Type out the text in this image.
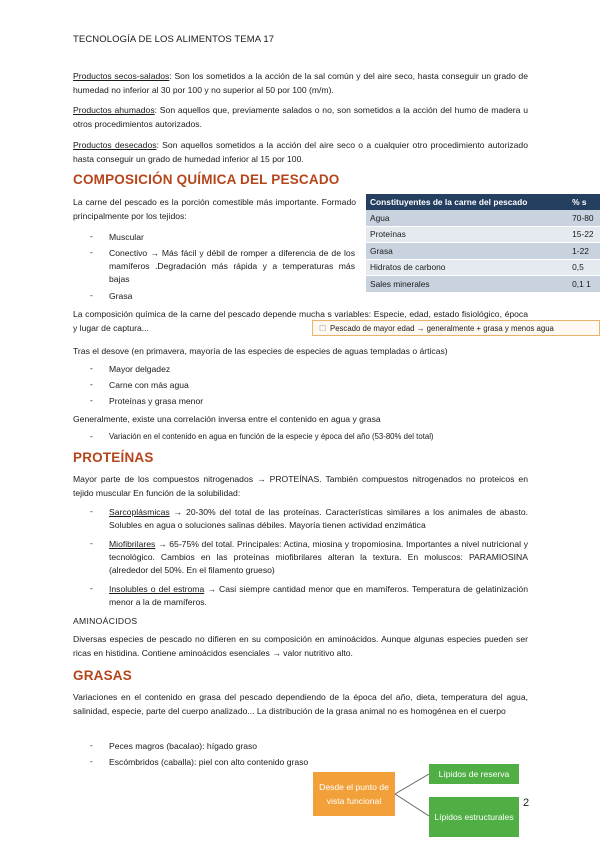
TECNOLOGÍA DE LOS ALIMENTOS TEMA 17
Productos secos-salados: Son los sometidos a la acción de la sal común y del aire seco, hasta conseguir un grado de humedad no inferior al 30 por 100 y no superior al 50 por 100 (m/m).
Productos ahumados: Son aquellos que, previamente salados o no, son sometidos a la acción del humo de madera u otros procedimientos autorizados.
Productos desecados: Son aquellos sometidos a la acción del aire seco o a cualquier otro procedimiento autorizado hasta conseguir un grado de humedad inferior al 15 por 100.
COMPOSICIÓN QUÍMICA DEL PESCADO
La carne del pescado es la porción comestible más importante. Formado principalmente por los tejidos:
- Muscular
- Conectivo → Más fácil y débil de romper a diferencia de de los mamíferos .Degradación más rápida y a temperaturas más bajas
- Grasa
Constituyentes de la carne del pescado	% s
Agua	70-80
Proteínas	15-22
Grasa	1-22
Hidratos de carbono	0,5
Sales minerales	0,1 1
La composición química de la carne del pescado depende mucha s variables: Especie, edad, estado fisiológico, época y lugar de captura...	☐ Pescado de mayor edad → generalmente + grasa y menos agua
Tras el desove (en primavera, mayoría de las especies de especies de aguas templadas o árticas)
- Mayor delgadez
- Carne con más agua
- Proteínas y grasa menor
Generalmente, existe una correlación inversa entre el contenido en agua y grasa
- Variación en el contenido en agua en función de la especie y época del año (53-80% del total)
PROTEÍNAS
Mayor parte de los compuestos nitrogenados → PROTEÍNAS. También compuestos nitrogenados no proteicos en tejido muscular En función de la solubilidad:
- Sarcoplásmicas → 20-30% del total de las proteínas. Características similares a los animales de abasto. Solubles en agua o soluciones salinas débiles. Mayoría tienen actividad enzimática
- Miofibrilares → 65-75% del total. Principales: Actina, miosina y tropomiosina. Importantes a nivel nutricional y tecnológico. Cambios en las proteínas miofibrilares alteran la textura. En moluscos: PARAMIOSINA (alrededor del 50%. En el filamento grueso)
- Insolubles o del estroma → Casi siempre cantidad menor que en mamíferos. Temperatura de gelatinización menor a la de mamíferos.
AMINOÁCIDOS
Diversas especies de pescado no difieren en su composición en aminoácidos. Aunque algunas especies pueden ser ricas en histidina. Contiene aminoácidos esenciales → valor nutritivo alto.
GRASAS
Variaciones en el contenido en grasa del pescado dependiendo de la época del año, dieta, temperatura del agua, salinidad, especie, parte del cuerpo analizado... La distribución de la grasa animal no es homogénea en el cuerpo
- Peces magros (bacalao): hígado graso
- Escómbridos (caballa): piel con alto contenido graso
Desde el punto de vista funcional
Lípidos de reserva
Lípidos estructurales
2
